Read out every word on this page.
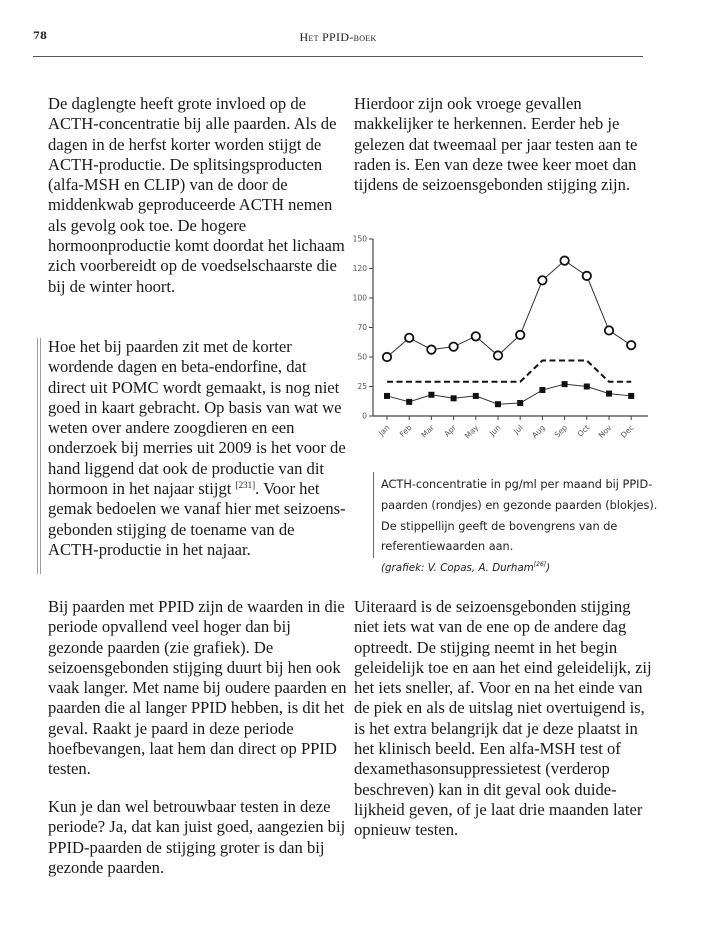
78	Het PPID-boek

De daglengte heeft grote invloed op de ACTH-concentratie bij alle paarden. Als de dagen in de herfst korter worden stijgt de ACTH-productie. De splitsingsproducten (alfa-MSH en CLIP) van de door de middenkwab geproduceerde ACTH nemen als gevolg ook toe. De hogere hormoonproductie komt doordat het lichaam zich voorbereidt op de voedselschaarste die bij de winter hoort.

Hoe het bij paarden zit met de korter wordende dagen en beta-endorfine, dat direct uit POMC wordt gemaakt, is nog niet goed in kaart gebracht. Op basis van wat we weten over andere zoogdieren en een onderzoek bij merries uit 2009 is het voor de hand liggend dat ook de productie van dit hormoon in het najaar stijgt [231]. Voor het gemak bedoelen we vanaf hier met seizoensgebonden stijging de toename van de ACTH-productie in het najaar.

Bij paarden met PPID zijn de waarden in die periode opvallend veel hoger dan bij gezonde paarden (zie grafiek). De seizoensgebonden stijging duurt bij hen ook vaak langer. Met name bij oudere paarden en paarden die al langer PPID hebben, is dit het geval. Raakt je paard in deze periode hoefbevangen, laat hem dan direct op PPID testen.

Kun je dan wel betrouwbaar testen in deze periode? Ja, dat kan juist goed, aangezien bij PPID-paarden de stijging groter is dan bij gezonde paarden.

Hierdoor zijn ook vroege gevallen makkelijker te herkennen. Eerder heb je gelezen dat tweemaal per jaar testen aan te raden is. Een van deze twee keer moet dan tijdens de seizoensgebonden stijging zijn.

0
25
50
70
100
120
150
Jan Feb Mar Apr May Jun Jul Aug Sep Oct Nov Dec
ACTH-concentratie in pg/ml per maand bij PPID-paarden (rondjes) en gezonde paarden (blokjes). De stippellijn geeft de bovengrens van de referentiewaarden aan.
(grafiek: V. Copas, A. Durham[26])

Uiteraard is de seizoensgebonden stijging niet iets wat van de ene op de andere dag optreedt. De stijging neemt in het begin geleidelijk toe en aan het eind geleidelijk, zij het iets sneller, af. Voor en na het einde van de piek en als de uitslag niet overtuigend is, is het extra belangrijk dat je deze plaatst in het klinisch beeld. Een alfa-MSH test of dexamethasonsuppressietest (verderop beschreven) kan in dit geval ook duidelijkheid geven, of je laat drie maanden later opnieuw testen.
